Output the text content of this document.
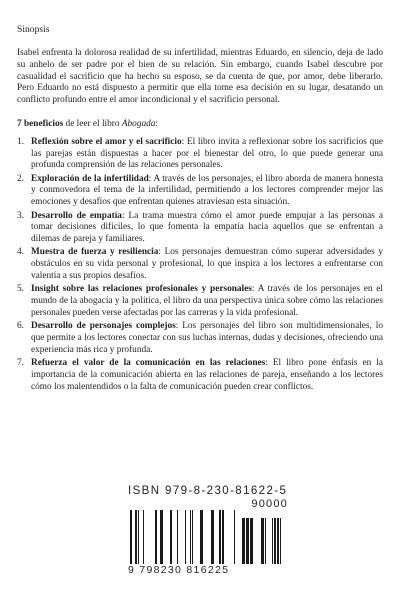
Sinopsis

Isabel enfrenta la dolorosa realidad de su infertilidad, mientras Eduardo, en silencio, deja de lado su anhelo de ser padre por el bien de su relación. Sin embargo, cuando Isabel descubre por casualidad el sacrificio que ha hecho su esposo, se da cuenta de que, por amor, debe liberarlo. Pero Eduardo no está dispuesto a permitir que ella tome esa decisión en su lugar, desatando un conflicto profundo entre el amor incondicional y el sacrificio personal.

7 beneficios de leer el libro Abogada:
1. Reflexión sobre el amor y el sacrificio: El libro invita a reflexionar sobre los sacrificios que las parejas están dispuestas a hacer por el bienestar del otro, lo que puede generar una profunda comprensión de las relaciones personales.
2. Exploración de la infertilidad: A través de los personajes, el libro aborda de manera honesta y conmovedora el tema de la infertilidad, permitiendo a los lectores comprender mejor las emociones y desafíos que enfrentan quienes atraviesan esta situación.
3. Desarrollo de empatía: La trama muestra cómo el amor puede empujar a las personas a tomar decisiones difíciles, lo que fomenta la empatía hacia aquellos que se enfrentan a dilemas de pareja y familiares.
4. Muestra de fuerza y resiliencia: Los personajes demuestran cómo superar adversidades y obstáculos en su vida personal y profesional, lo que inspira a los lectores a enfrentarse con valentía a sus propios desafíos.
5. Insight sobre las relaciones profesionales y personales: A través de los personajes en el mundo de la abogacía y la política, el libro da una perspectiva única sobre cómo las relaciones personales pueden verse afectadas por las carreras y la vida profesional.
6. Desarrollo de personajes complejos: Los personajes del libro son multidimensionales, lo que permite a los lectores conectar con sus luchas internas, dudas y decisiones, ofreciendo una experiencia más rica y profunda.
7. Refuerza el valor de la comunicación en las relaciones: El libro pone énfasis en la importancia de la comunicación abierta en las relaciones de pareja, enseñando a los lectores cómo los malentendidos o la falta de comunicación pueden crear conflictos.
ISBN 979-8-230-81622-5
90000
9 798230 816225
